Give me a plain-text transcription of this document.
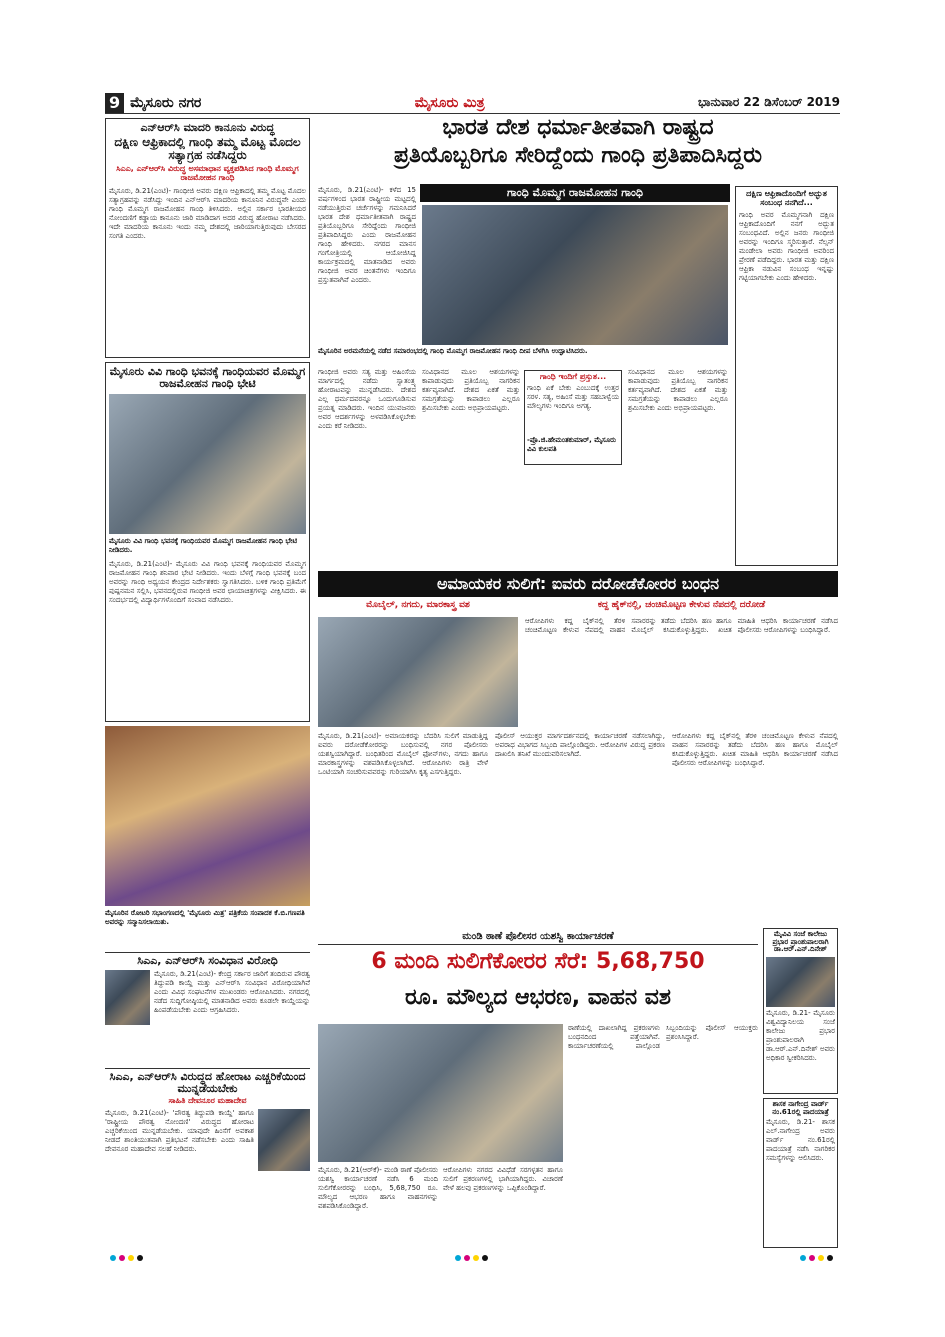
9 ಮೈಸೂರು ನಗರ	ಮೈಸೂರು ಮಿತ್ರ	ಭಾನುವಾರ 22 ಡಿಸೆಂಬರ್ 2019
ಎನ್‌ಆರ್‌ಸಿ ಮಾದರಿ ಕಾನೂನು ವಿರುದ್ಧ
ದಕ್ಷಿಣ ಆಫ್ರಿಕಾದಲ್ಲಿ ಗಾಂಧಿ ತಮ್ಮ ಮೊಟ್ಟ ಮೊದಲ ಸತ್ಯಾಗ್ರಹ ನಡೆಸಿದ್ದರು
ಸಿಎಎ, ಎನ್‌ಆರ್‌ಸಿ ವಿರುದ್ಧ ಅಸಮಾಧಾನ ವ್ಯಕ್ತಪಡಿಸಿದ ಗಾಂಧಿ ಮೊಮ್ಮಗ ರಾಜಮೋಹನ ಗಾಂಧಿ
ಮೈಸೂರು, ಡಿ.21(ಎಂಟಿ)- ಗಾಂಧೀಜಿ ಅವರು ದಕ್ಷಿಣ ಆಫ್ರಿಕಾದಲ್ಲಿ ತಮ್ಮ ಮೊಟ್ಟ ಮೊದಲ ಸತ್ಯಾಗ್ರಹವನ್ನು ನಡೆಸಿದ್ದು ಇಂದಿನ ಎನ್‌ಆರ್‌ಸಿ ಮಾದರಿಯ ಕಾನೂನಿನ ವಿರುದ್ಧವೇ ಎಂದು ಗಾಂಧಿ ಮೊಮ್ಮಗ ರಾಜಮೋಹನ ಗಾಂಧಿ ತಿಳಿಸಿದರು. ಅಲ್ಲಿನ ಸರ್ಕಾರ ಭಾರತೀಯರ ನೋಂದಣಿಗೆ ಕಡ್ಡಾಯ ಕಾನೂನು ಜಾರಿ ಮಾಡಿದಾಗ ಅದರ ವಿರುದ್ಧ ಹೋರಾಟ ನಡೆಸಿದರು. ಇದೇ ಮಾದರಿಯ ಕಾನೂನು ಇಂದು ನಮ್ಮ ದೇಶದಲ್ಲಿ ಜಾರಿಯಾಗುತ್ತಿರುವುದು ಬೇಸರದ ಸಂಗತಿ ಎಂದರು.
ಮೈಸೂರು ವಿವಿ ಗಾಂಧಿ ಭವನಕ್ಕೆ ಗಾಂಧಿಯವರ ಮೊಮ್ಮಗ ರಾಜಮೋಹನ ಗಾಂಧಿ ಭೇಟಿ
ಮೈಸೂರು ವಿವಿ ಗಾಂಧಿ ಭವನಕ್ಕೆ ಗಾಂಧಿಯವರ ಮೊಮ್ಮಗ ರಾಜಮೋಹನ ಗಾಂಧಿ ಭೇಟಿ ನೀಡಿದರು.
ಮೈಸೂರು, ಡಿ.21(ಎಂಟಿ)- ಮೈಸೂರು ವಿವಿ ಗಾಂಧಿ ಭವನಕ್ಕೆ ಗಾಂಧಿಯವರ ಮೊಮ್ಮಗ ರಾಜಮೋಹನ ಗಾಂಧಿ ಶನಿವಾರ ಭೇಟಿ ನೀಡಿದರು. ಇಂದು ಬೆಳಗ್ಗೆ ಗಾಂಧಿ ಭವನಕ್ಕೆ ಬಂದ ಅವರನ್ನು ಗಾಂಧಿ ಅಧ್ಯಯನ ಕೇಂದ್ರದ ನಿರ್ದೇಶಕರು ಸ್ವಾಗತಿಸಿದರು. ಬಳಿಕ ಗಾಂಧಿ ಪ್ರತಿಮೆಗೆ ಪುಷ್ಪನಮನ ಸಲ್ಲಿಸಿ, ಭವನದಲ್ಲಿರುವ ಗಾಂಧೀಜಿ ಅವರ ಛಾಯಾಚಿತ್ರಗಳನ್ನು ವೀಕ್ಷಿಸಿದರು. ಈ ಸಂದರ್ಭದಲ್ಲಿ ವಿದ್ಯಾರ್ಥಿಗಳೊಂದಿಗೆ ಸಂವಾದ ನಡೆಸಿದರು.
ಮೈಸೂರಿನ ರೋಟರಿ ಸಭಾಂಗಣದಲ್ಲಿ 'ಮೈಸೂರು ಮಿತ್ರ' ಪತ್ರಿಕೆಯ ಸಂಪಾದಕ ಕೆ.ಬಿ.ಗಣಪತಿ ಅವರನ್ನು ಸನ್ಮಾನಿಸಲಾಯಿತು.
ಸಿಎಎ, ಎನ್‌ಆರ್‌ಸಿ ಸಂವಿಧಾನ ವಿರೋಧಿ
ಮೈಸೂರು, ಡಿ.21(ಎಂಟಿ)- ಕೇಂದ್ರ ಸರ್ಕಾರ ಜಾರಿಗೆ ತಂದಿರುವ ಪೌರತ್ವ ತಿದ್ದುಪಡಿ ಕಾಯ್ದೆ ಮತ್ತು ಎನ್‌ಆರ್‌ಸಿ ಸಂವಿಧಾನ ವಿರೋಧಿಯಾಗಿವೆ ಎಂದು ವಿವಿಧ ಸಂಘಟನೆಗಳ ಮುಖಂಡರು ಆರೋಪಿಸಿದರು. ನಗರದಲ್ಲಿ ನಡೆದ ಸುದ್ದಿಗೋಷ್ಠಿಯಲ್ಲಿ ಮಾತನಾಡಿದ ಅವರು ಕೂಡಲೇ ಕಾಯ್ದೆಯನ್ನು ಹಿಂಪಡೆಯಬೇಕು ಎಂದು ಆಗ್ರಹಿಸಿದರು.
ಸಿಎಎ, ಎನ್‌ಆರ್‌ಸಿ ವಿರುದ್ಧದ ಹೋರಾಟ ಎಚ್ಚರಿಕೆಯಿಂದ ಮುನ್ನಡೆಯಬೇಕು
ಸಾಹಿತಿ ದೇವನೂರ ಮಹಾದೇವ
ಮೈಸೂರು, ಡಿ.21(ಎಂಟಿ)- 'ಪೌರತ್ವ ತಿದ್ದುಪಡಿ ಕಾಯ್ದೆ' ಹಾಗೂ 'ರಾಷ್ಟ್ರೀಯ ಪೌರತ್ವ ನೋಂದಣಿ' ವಿರುದ್ಧದ ಹೋರಾಟ ಎಚ್ಚರಿಕೆಯಿಂದ ಮುನ್ನಡೆಯಬೇಕು. ಯಾವುದೇ ಹಿಂಸೆಗೆ ಅವಕಾಶ ನೀಡದೆ ಶಾಂತಿಯುತವಾಗಿ ಪ್ರತಿಭಟನೆ ನಡೆಸಬೇಕು ಎಂದು ಸಾಹಿತಿ ದೇವನೂರ ಮಹಾದೇವ ಸಲಹೆ ನೀಡಿದರು.
ಭಾರತ ದೇಶ ಧರ್ಮಾತೀತವಾಗಿ ರಾಷ್ಟ್ರದ
ಪ್ರತಿಯೊಬ್ಬರಿಗೂ ಸೇರಿದ್ದೆಂದು ಗಾಂಧಿ ಪ್ರತಿಪಾದಿಸಿದ್ದರು
ಗಾಂಧಿ ಮೊಮ್ಮಗ ರಾಜಮೋಹನ ಗಾಂಧಿ
ಮೈಸೂರು, ಡಿ.21(ಎಂಟಿ)- ಕಳೆದ 15 ವರ್ಷಗಳಿಂದ ಭಾರತ ರಾಷ್ಟ್ರೀಯ ಮಟ್ಟದಲ್ಲಿ ನಡೆಯುತ್ತಿರುವ ಚರ್ಚೆಗಳನ್ನು ಗಮನಿಸಿದರೆ ಭಾರತ ದೇಶ ಧರ್ಮಾತೀತವಾಗಿ ರಾಷ್ಟ್ರದ ಪ್ರತಿಯೊಬ್ಬರಿಗೂ ಸೇರಿದ್ದೆಂದು ಗಾಂಧೀಜಿ ಪ್ರತಿಪಾದಿಸಿದ್ದರು ಎಂದು ರಾಜಮೋಹನ ಗಾಂಧಿ ಹೇಳಿದರು. ನಗರದ ಮಾನಸ ಗಂಗೋತ್ರಿಯಲ್ಲಿ ಆಯೋಜಿಸಿದ್ದ ಕಾರ್ಯಕ್ರಮದಲ್ಲಿ ಮಾತನಾಡಿದ ಅವರು ಗಾಂಧೀಜಿ ಅವರ ಚಿಂತನೆಗಳು ಇಂದಿಗೂ ಪ್ರಸ್ತುತವಾಗಿವೆ ಎಂದರು.
ಮೈಸೂರಿನ ಅರಮನೆಯಲ್ಲಿ ನಡೆದ ಸಮಾರಂಭದಲ್ಲಿ ಗಾಂಧಿ ಮೊಮ್ಮಗ ರಾಜಮೋಹನ ಗಾಂಧಿ ದೀಪ ಬೆಳಗಿಸಿ ಉದ್ಘಾಟಿಸಿದರು.
ಗಾಂಧೀಜಿ ಅವರು ಸತ್ಯ ಮತ್ತು ಅಹಿಂಸೆಯ ಮಾರ್ಗದಲ್ಲಿ ನಡೆದು ಸ್ವಾತಂತ್ರ್ಯ ಹೋರಾಟವನ್ನು ಮುನ್ನಡೆಸಿದರು. ದೇಶದ ಎಲ್ಲ ಧರ್ಮದವರನ್ನೂ ಒಂದುಗೂಡಿಸುವ ಪ್ರಯತ್ನ ಮಾಡಿದರು. ಇಂದಿನ ಯುವಜನರು ಅವರ ಆದರ್ಶಗಳನ್ನು ಅಳವಡಿಸಿಕೊಳ್ಳಬೇಕು ಎಂದು ಕರೆ ನೀಡಿದರು.
ಸಂವಿಧಾನದ ಮೂಲ ಆಶಯಗಳನ್ನು ಕಾಪಾಡುವುದು ಪ್ರತಿಯೊಬ್ಬ ನಾಗರಿಕನ ಕರ್ತವ್ಯವಾಗಿದೆ. ದೇಶದ ಏಕತೆ ಮತ್ತು ಸಮಗ್ರತೆಯನ್ನು ಕಾಪಾಡಲು ಎಲ್ಲರೂ ಶ್ರಮಿಸಬೇಕು ಎಂದು ಅಭಿಪ್ರಾಯಪಟ್ಟರು.
ಗಾಂಧಿ ಇಂದಿಗೆ ಪ್ರಸ್ತುತ...
ಗಾಂಧಿ ಏಕೆ ಬೇಕು ಎಂಬುದಕ್ಕೆ ಉತ್ತರ ಸರಳ. ಸತ್ಯ, ಅಹಿಂಸೆ ಮತ್ತು ಸಹಬಾಳ್ವೆಯ ಮೌಲ್ಯಗಳು ಇಂದಿಗೂ ಅಗತ್ಯ.
-ಪ್ರೊ.ಜಿ.ಹೇಮಂತಕುಮಾರ್, ಮೈಸೂರು ವಿವಿ ಕುಲಪತಿ
ಸಂವಿಧಾನದ ಮೂಲ ಆಶಯಗಳನ್ನು ಕಾಪಾಡುವುದು ಪ್ರತಿಯೊಬ್ಬ ನಾಗರಿಕನ ಕರ್ತವ್ಯವಾಗಿದೆ. ದೇಶದ ಏಕತೆ ಮತ್ತು ಸಮಗ್ರತೆಯನ್ನು ಕಾಪಾಡಲು ಎಲ್ಲರೂ ಶ್ರಮಿಸಬೇಕು ಎಂದು ಅಭಿಪ್ರಾಯಪಟ್ಟರು.
ದಕ್ಷಿಣ ಆಫ್ರಿಕಾದೊಂದಿಗೆ ಅದ್ಭುತ ಸಂಬಂಧ ನನಗಿದೆ...
ಗಾಂಧಿ ಅವರ ಮೊಮ್ಮಗನಾಗಿ ದಕ್ಷಿಣ ಆಫ್ರಿಕಾದೊಂದಿಗೆ ನನಗೆ ಅದ್ಭುತ ಸಂಬಂಧವಿದೆ. ಅಲ್ಲಿನ ಜನರು ಗಾಂಧೀಜಿ ಅವರನ್ನು ಇಂದಿಗೂ ಸ್ಮರಿಸುತ್ತಾರೆ. ನೆಲ್ಸನ್ ಮಂಡೇಲಾ ಅವರು ಗಾಂಧೀಜಿ ಅವರಿಂದ ಪ್ರೇರಣೆ ಪಡೆದಿದ್ದರು. ಭಾರತ ಮತ್ತು ದಕ್ಷಿಣ ಆಫ್ರಿಕಾ ನಡುವಿನ ಸಂಬಂಧ ಇನ್ನಷ್ಟು ಗಟ್ಟಿಯಾಗಬೇಕು ಎಂದು ಹೇಳಿದರು.
ಅಮಾಯಕರ ಸುಲಿಗೆ: ಐವರು ದರೋಡೆಕೋರರ ಬಂಧನ
ಮೊಬೈಲ್, ನಗದು, ಮಾರಕಾಸ್ತ್ರ ವಶ	ಕದ್ದ ಹೈಕ್‌ನಲ್ಲಿ, ಚಂಚಿಮೊಟ್ಟಣ ಕೇಳುವ ನೆಪದಲ್ಲಿ ದರೋಡೆ
ಆರೋಪಿಗಳು ಕದ್ದ ಬೈಕ್‌ನಲ್ಲಿ ತೆರಳಿ ಚಂಚಿಮೊಟ್ಟಣ ಕೇಳುವ ನೆಪದಲ್ಲಿ ವಾಹನ ಸವಾರರನ್ನು ತಡೆದು ಬೆದರಿಸಿ ಹಣ ಹಾಗೂ ಮೊಬೈಲ್ ಕಸಿದುಕೊಳ್ಳುತ್ತಿದ್ದರು. ಖಚಿತ ಮಾಹಿತಿ ಆಧರಿಸಿ ಕಾರ್ಯಾಚರಣೆ ನಡೆಸಿದ ಪೊಲೀಸರು ಆರೋಪಿಗಳನ್ನು ಬಂಧಿಸಿದ್ದಾರೆ.
ಮೈಸೂರು, ಡಿ.21(ಎಂಟಿ)- ಅಮಾಯಕರನ್ನು ಬೆದರಿಸಿ ಸುಲಿಗೆ ಮಾಡುತ್ತಿದ್ದ ಐವರು ದರೋಡೆಕೋರರನ್ನು ಬಂಧಿಸುವಲ್ಲಿ ನಗರ ಪೊಲೀಸರು ಯಶಸ್ವಿಯಾಗಿದ್ದಾರೆ. ಬಂಧಿತರಿಂದ ಮೊಬೈಲ್ ಫೋನ್‌ಗಳು, ನಗದು ಹಾಗೂ ಮಾರಕಾಸ್ತ್ರಗಳನ್ನು ವಶಪಡಿಸಿಕೊಳ್ಳಲಾಗಿದೆ. ಆರೋಪಿಗಳು ರಾತ್ರಿ ವೇಳೆ ಒಂಟಿಯಾಗಿ ಸಂಚರಿಸುವವರನ್ನು ಗುರಿಯಾಗಿಸಿ ಕೃತ್ಯ ಎಸಗುತ್ತಿದ್ದರು.
ಪೊಲೀಸ್ ಆಯುಕ್ತರ ಮಾರ್ಗದರ್ಶನದಲ್ಲಿ ಕಾರ್ಯಾಚರಣೆ ನಡೆಸಲಾಗಿದ್ದು, ಅಪರಾಧ ವಿಭಾಗದ ಸಿಬ್ಬಂದಿ ಪಾಲ್ಗೊಂಡಿದ್ದರು. ಆರೋಪಿಗಳ ವಿರುದ್ಧ ಪ್ರಕರಣ ದಾಖಲಿಸಿ ತನಿಖೆ ಮುಂದುವರಿಸಲಾಗಿದೆ.
ಆರೋಪಿಗಳು ಕದ್ದ ಬೈಕ್‌ನಲ್ಲಿ ತೆರಳಿ ಚಂಚಿಮೊಟ್ಟಣ ಕೇಳುವ ನೆಪದಲ್ಲಿ ವಾಹನ ಸವಾರರನ್ನು ತಡೆದು ಬೆದರಿಸಿ ಹಣ ಹಾಗೂ ಮೊಬೈಲ್ ಕಸಿದುಕೊಳ್ಳುತ್ತಿದ್ದರು. ಖಚಿತ ಮಾಹಿತಿ ಆಧರಿಸಿ ಕಾರ್ಯಾಚರಣೆ ನಡೆಸಿದ ಪೊಲೀಸರು ಆರೋಪಿಗಳನ್ನು ಬಂಧಿಸಿದ್ದಾರೆ.
ಮಂಡಿ ಠಾಣೆ ಪೊಲೀಸರ ಯಶಸ್ವಿ ಕಾರ್ಯಾಚರಣೆ
6 ಮಂದಿ ಸುಲಿಗೆಕೋರರ ಸೆರೆ: 5,68,750
ರೂ. ಮೌಲ್ಯದ ಆಭರಣ, ವಾಹನ ವಶ
ಮೈಸೂರು, ಡಿ.21(ಆರ್‌ಕೆ)- ಮಂಡಿ ಠಾಣೆ ಪೊಲೀಸರು ಯಶಸ್ವಿ ಕಾರ್ಯಾಚರಣೆ ನಡೆಸಿ 6 ಮಂದಿ ಸುಲಿಗೆಕೋರರನ್ನು ಬಂಧಿಸಿ, 5,68,750 ರೂ. ಮೌಲ್ಯದ ಆಭರಣ ಹಾಗೂ ವಾಹನಗಳನ್ನು ವಶಪಡಿಸಿಕೊಂಡಿದ್ದಾರೆ.
ಆರೋಪಿಗಳು ನಗರದ ವಿವಿಧೆಡೆ ಸರಗಳ್ಳತನ ಹಾಗೂ ಸುಲಿಗೆ ಪ್ರಕರಣಗಳಲ್ಲಿ ಭಾಗಿಯಾಗಿದ್ದರು. ವಿಚಾರಣೆ ವೇಳೆ ಹಲವು ಪ್ರಕರಣಗಳನ್ನು ಒಪ್ಪಿಕೊಂಡಿದ್ದಾರೆ.
ಠಾಣೆಯಲ್ಲಿ ದಾಖಲಾಗಿದ್ದ ಪ್ರಕರಣಗಳು ಬಂಧನದಿಂದ ಪತ್ತೆಯಾಗಿವೆ. ಕಾರ್ಯಾಚರಣೆಯಲ್ಲಿ ಪಾಲ್ಗೊಂಡ ಸಿಬ್ಬಂದಿಯನ್ನು ಪೊಲೀಸ್ ಆಯುಕ್ತರು ಪ್ರಶಂಸಿಸಿದ್ದಾರೆ.
ಮೈವಿವಿ ಸಂಜೆ ಕಾಲೇಜು ಪ್ರಭಾರ ಪ್ರಾಂಶುಪಾಲರಾಗಿ ಡಾ.ಆರ್.ಎನ್.ದಿನೇಶ್
ಮೈಸೂರು, ಡಿ.21- ಮೈಸೂರು ವಿಶ್ವವಿದ್ಯಾನಿಲಯ ಸಂಜೆ ಕಾಲೇಜು ಪ್ರಭಾರ ಪ್ರಾಂಶುಪಾಲರಾಗಿ ಡಾ.ಆರ್.ಎನ್.ದಿನೇಶ್ ಅವರು ಅಧಿಕಾರ ಸ್ವೀಕರಿಸಿದರು.
ಶಾಸಕ ನಾಗೇಂದ್ರ ವಾರ್ಡ್ ನಂ.61ರಲ್ಲಿ ಪಾದಯಾತ್ರೆ
ಮೈಸೂರು, ಡಿ.21- ಶಾಸಕ ಎಲ್.ನಾಗೇಂದ್ರ ಅವರು ವಾರ್ಡ್ ನಂ.61ರಲ್ಲಿ ಪಾದಯಾತ್ರೆ ನಡೆಸಿ ನಾಗರಿಕರ ಸಮಸ್ಯೆಗಳನ್ನು ಆಲಿಸಿದರು.
